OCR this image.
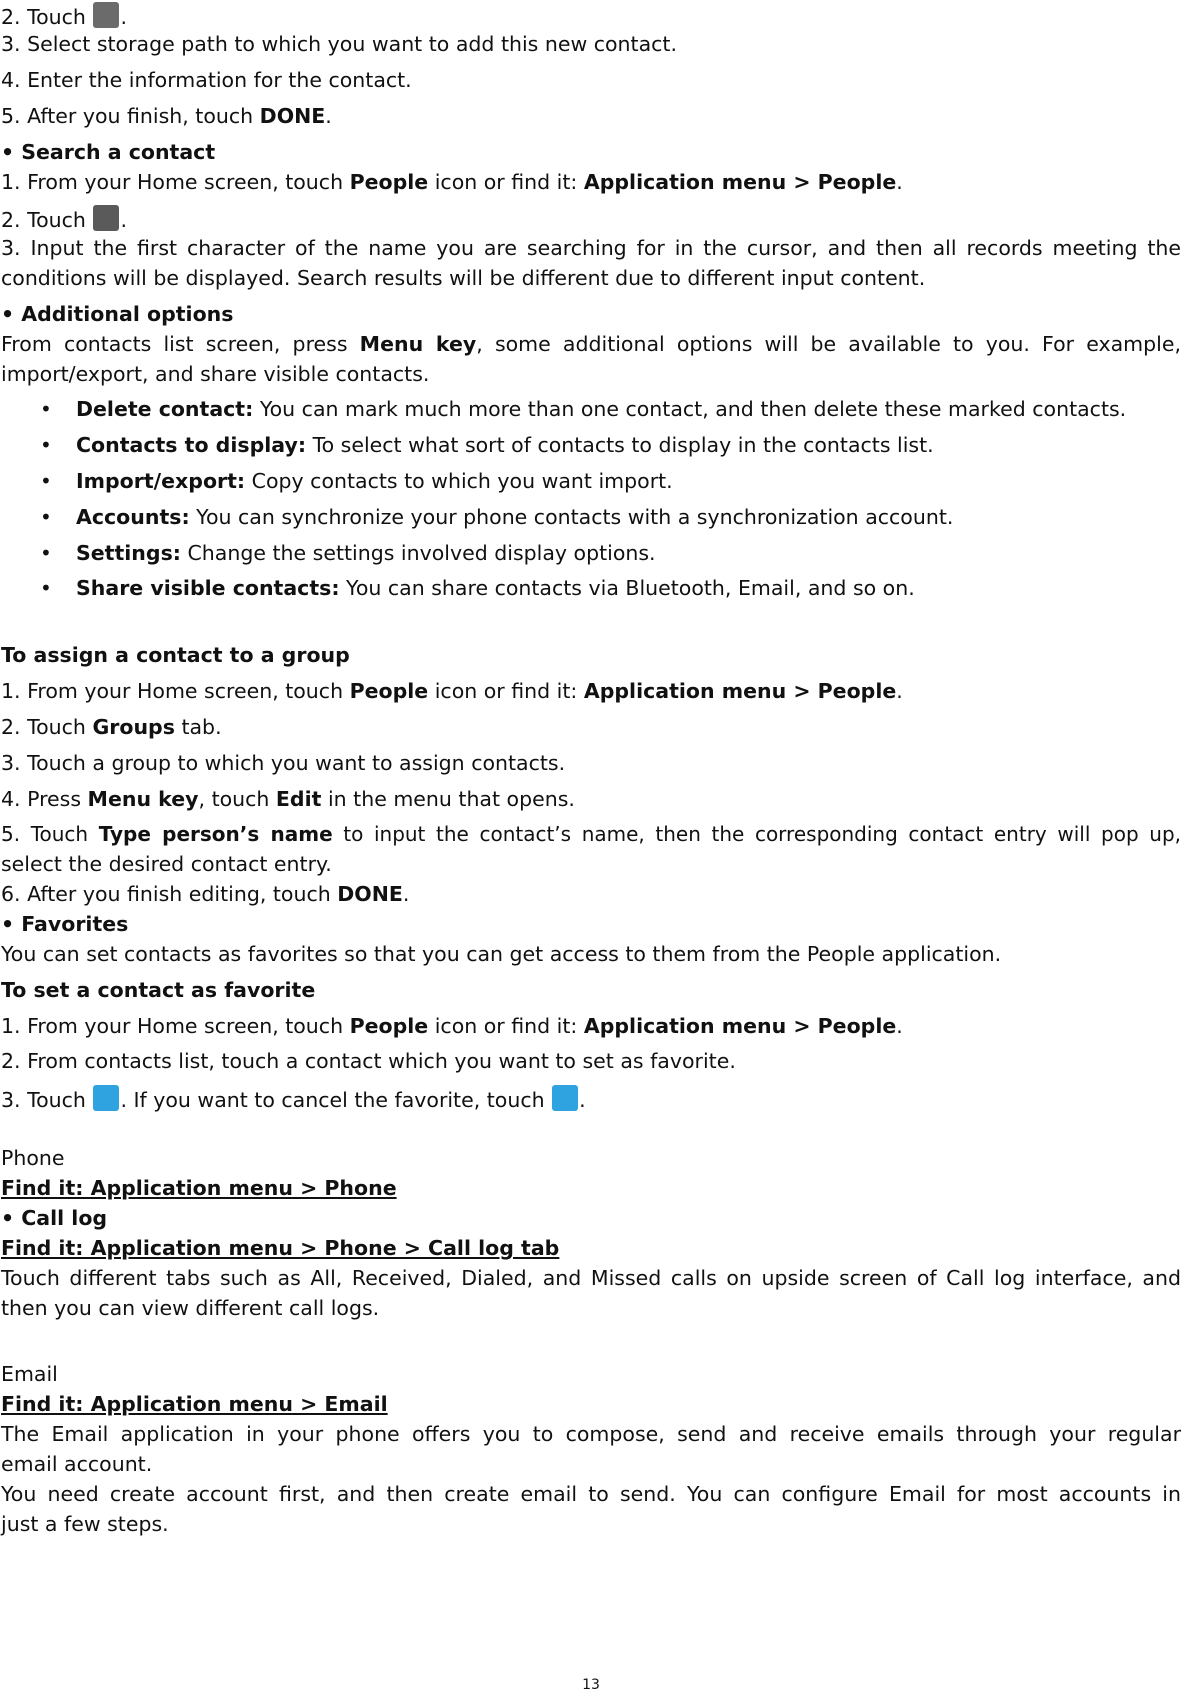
2. Touch .
3. Select storage path to which you want to add this new contact.
4. Enter the information for the contact.
5. After you finish, touch DONE.
• Search a contact
1. From your Home screen, touch People icon or find it: Application menu > People.
2. Touch .
3. Input the first character of the name you are searching for in the cursor, and then all records meeting the
conditions will be displayed. Search results will be different due to different input content.
• Additional options
From contacts list screen, press Menu key, some additional options will be available to you. For example,
import/export, and share visible contacts.
• Delete contact: You can mark much more than one contact, and then delete these marked contacts.
• Contacts to display: To select what sort of contacts to display in the contacts list.
• Import/export: Copy contacts to which you want import.
• Accounts: You can synchronize your phone contacts with a synchronization account.
• Settings: Change the settings involved display options.
• Share visible contacts: You can share contacts via Bluetooth, Email, and so on.
To assign a contact to a group
1. From your Home screen, touch People icon or find it: Application menu > People.
2. Touch Groups tab.
3. Touch a group to which you want to assign contacts.
4. Press Menu key, touch Edit in the menu that opens.
5. Touch Type person’s name to input the contact’s name, then the corresponding contact entry will pop up,
select the desired contact entry.
6. After you finish editing, touch DONE.
• Favorites
You can set contacts as favorites so that you can get access to them from the People application.
To set a contact as favorite
1. From your Home screen, touch People icon or find it: Application menu > People.
2. From contacts list, touch a contact which you want to set as favorite.
3. Touch . If you want to cancel the favorite, touch .
Phone
Find it: Application menu > Phone
• Call log
Find it: Application menu > Phone > Call log tab
Touch different tabs such as All, Received, Dialed, and Missed calls on upside screen of Call log interface, and
then you can view different call logs.
Email
Find it: Application menu > Email
The Email application in your phone offers you to compose, send and receive emails through your regular
email account.
You need create account first, and then create email to send. You can configure Email for most accounts in
just a few steps.
13
